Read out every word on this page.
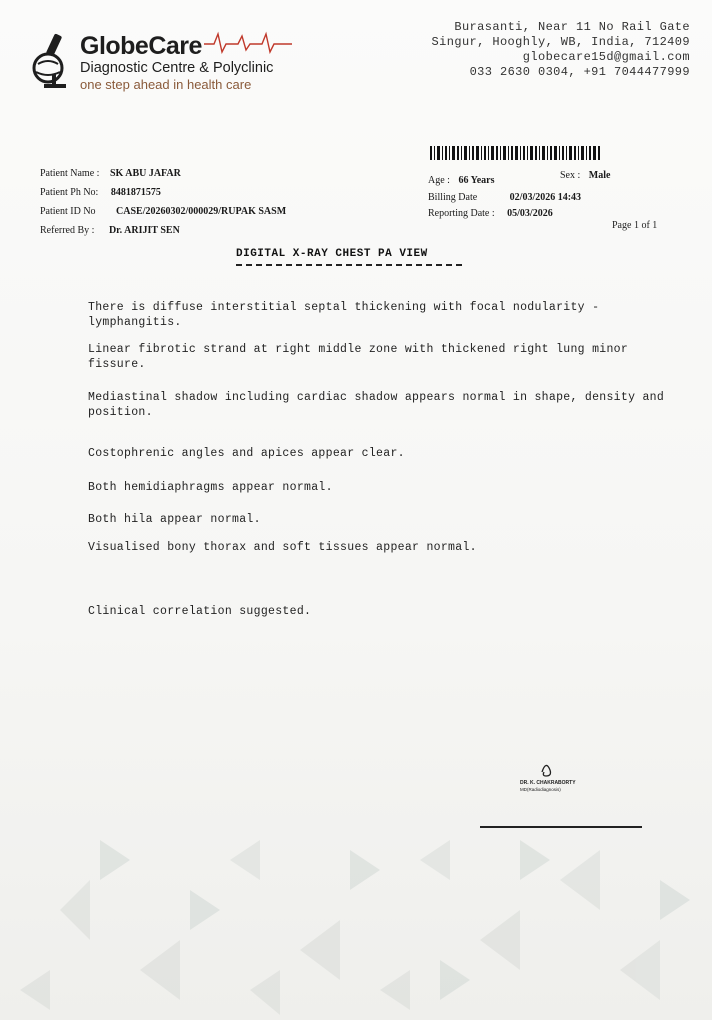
GlobeCare
Diagnostic Centre & Polyclinic
one step ahead in health care
Burasanti, Near 11 No Rail Gate
Singur, Hooghly, WB, India, 712409
globecare15d@gmail.com
033 2630 0304, +91 7044477999
Patient Name : SK ABU JAFAR
Patient Ph No: 8481871575
Patient ID No CASE/20260302/000029/RUPAK SASM
Referred By : Dr. ARIJIT SEN
Age : 66 Years	Sex : Male
Billing Date	02/03/2026 14:43
Reporting Date : 05/03/2026
Page 1 of 1
DIGITAL X-RAY CHEST PA VIEW
There is diffuse interstitial septal thickening with focal nodularity -lymphangitis.
Linear fibrotic strand at right middle zone with thickened right lung minor fissure.
Mediastinal shadow including cardiac shadow appears normal in shape, density and position.
Costophrenic angles and apices appear clear.
Both hemidiaphragms appear normal.
Both hila appear normal.
Visualised bony thorax and soft tissues appear normal.
Clinical correlation suggested.
DR. K. CHAKRABORTY
MD(Radiodiagnosis)
